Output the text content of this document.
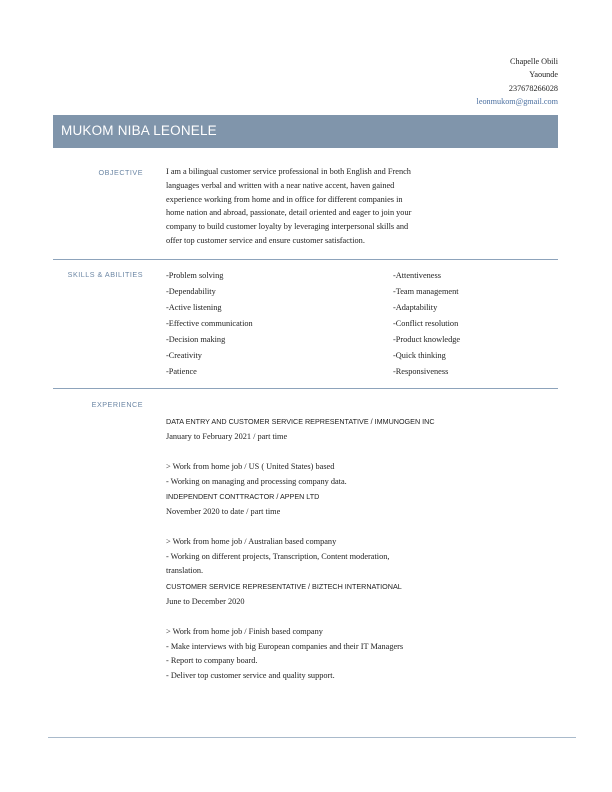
Chapelle Obili
Yaounde
237678266028
leonmukom@gmail.com
MUKOM NIBA LEONELE
OBJECTIVE	I am a bilingual customer service professional in both English and French
languages verbal and written with a near native accent, haven gained
experience working from home and in office for different companies in
home nation and abroad, passionate, detail oriented and eager to join your
company to build customer loyalty by leveraging interpersonal skills and
offer top customer service and ensure customer satisfaction.
SKILLS & ABILITIES	-Problem solving
-Dependability
-Active listening
-Effective communication
-Decision making
-Creativity
-Patience
-Attentiveness
-Team management
-Adaptability
-Conflict resolution
-Product knowledge
-Quick thinking
-Responsiveness
EXPERIENCE
DATA ENTRY AND CUSTOMER SERVICE REPRESENTATIVE / IMMUNOGEN INC
January to February 2021 / part time
> Work from home job / US ( United States) based
- Working on managing and processing company data.
INDEPENDENT CONTTRACTOR / APPEN LTD
November 2020 to date / part time
> Work from home job / Australian based company
- Working on different projects, Transcription, Content moderation,
translation.
CUSTOMER SERVICE REPRESENTATIVE / BIZTECH INTERNATIONAL
June to December 2020
> Work from home job / Finish based company
- Make interviews with big European companies and their IT Managers
- Report to company board.
- Deliver top customer service and quality support.
